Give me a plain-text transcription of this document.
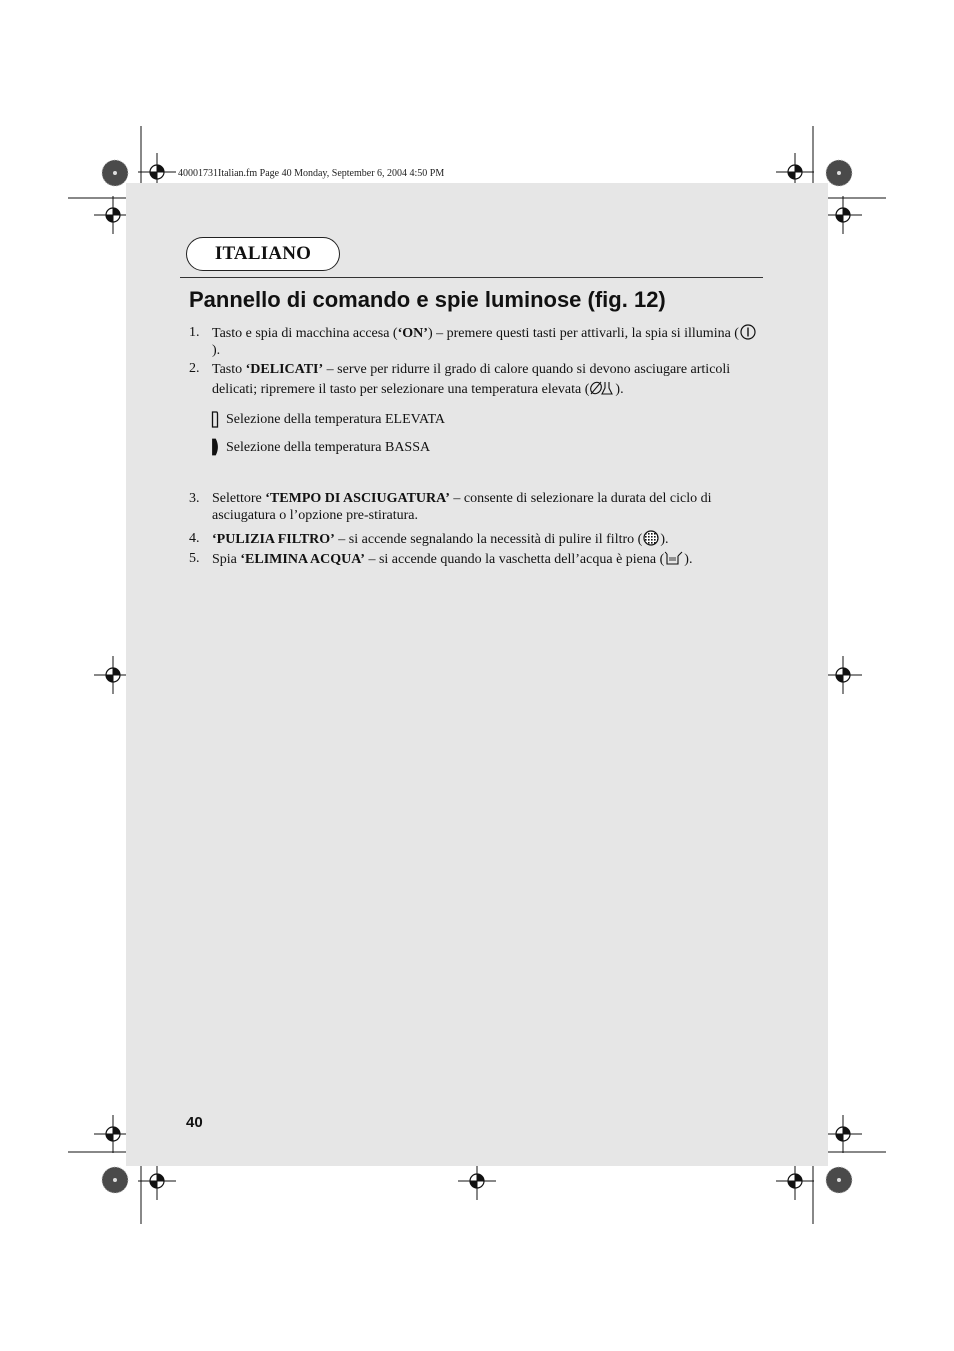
40001731Italian.fm Page 40 Monday, September 6, 2004 4:50 PM
ITALIANO
Pannello di comando e spie luminose (fig. 12)
1. Tasto e spia di macchina accesa (‘ON’) – premere questi tasti per attivarli, la spia si illumina ().
2. Tasto ‘DELICATI’ – serve per ridurre il grado di calore quando si devono asciugare articoli delicati; ripremere il tasto per selezionare una temperatura elevata ( ).
Selezione della temperatura ELEVATA
Selezione della temperatura BASSA
3. Selettore ‘TEMPO DI ASCIUGATURA’ – consente di selezionare la durata del ciclo di asciugatura o l’opzione pre-stiratura.
4. ‘PULIZIA FILTRO’ – si accende segnalando la necessità di pulire il filtro ( ).
5. Spia ‘ELIMINA ACQUA’ – si accende quando la vaschetta dell’acqua è piena ( ).
40
